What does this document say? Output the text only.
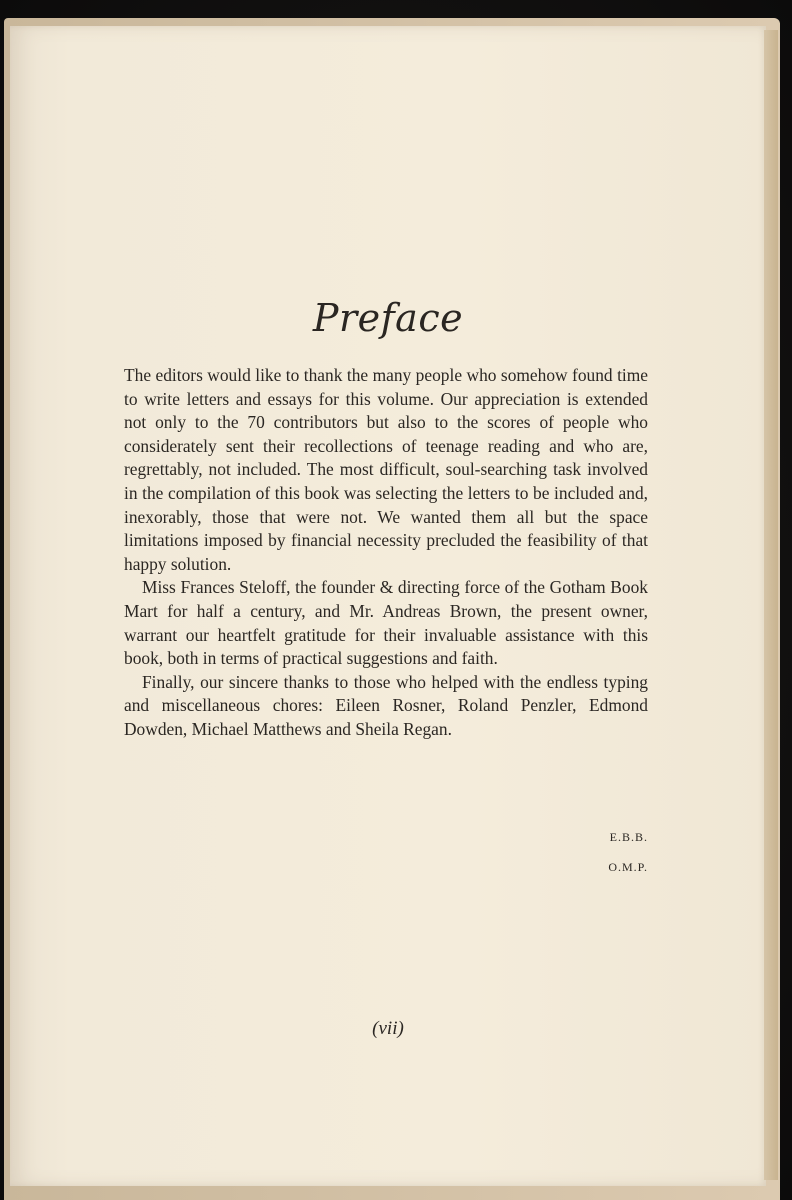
Preface

The editors would like to thank the many people who somehow found time to write letters and essays for this volume. Our appreciation is extended not only to the 70 contributors but also to the scores of people who considerately sent their recollections of teenage reading and who are, regrettably, not included. The most difficult, soul-searching task involved in the compilation of this book was selecting the letters to be included and, inexorably, those that were not. We wanted them all but the space limitations imposed by financial necessity precluded the feasibility of that happy solution.

Miss Frances Steloff, the founder & directing force of the Gotham Book Mart for half a century, and Mr. Andreas Brown, the present owner, warrant our heartfelt gratitude for their invaluable assistance with this book, both in terms of practical suggestions and faith.

Finally, our sincere thanks to those who helped with the endless typing and miscellaneous chores: Eileen Rosner, Roland Penzler, Edmond Dowden, Michael Matthews and Sheila Regan.

E.B.B.
O.M.P.
(vii)
